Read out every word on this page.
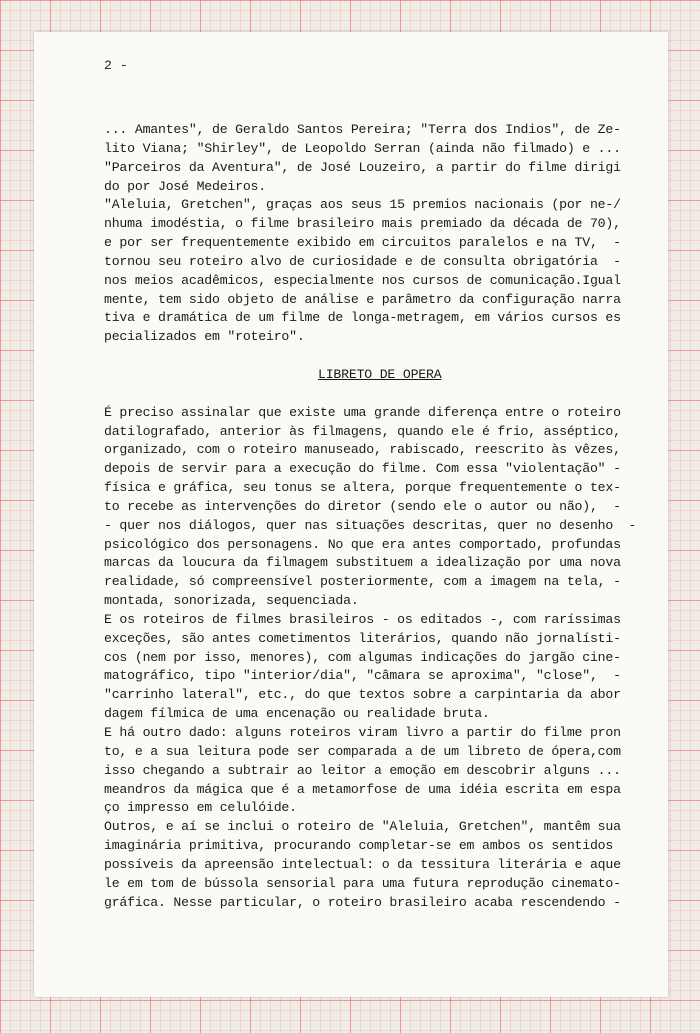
2 -
... Amantes", de Geraldo Santos Pereira; "Terra dos Indios", de Ze-
lito Viana; "Shirley", de Leopoldo Serran (ainda não filmado) e ...
"Parceiros da Aventura", de José Louzeiro, a partir do filme dirigi
do por José Medeiros.
"Aleluia, Gretchen", graças aos seus 15 premios nacionais (por ne-/
nhuma imodéstia, o filme brasileiro mais premiado da década de 70),
e por ser frequentemente exibido em circuitos paralelos e na TV,  -
tornou seu roteiro alvo de curiosidade e de consulta obrigatória  -
nos meios acadêmicos, especialmente nos cursos de comunicação.Igual
mente, tem sido objeto de análise e parâmetro da configuração narra
tiva e dramática de um filme de longa-metragem, em vários cursos es
pecializados em "roteiro".
LIBRETO DE OPERA
É preciso assinalar que existe uma grande diferença entre o roteiro
datilografado, anterior às filmagens, quando ele é frio, asséptico,
organizado, com o roteiro manuseado, rabiscado, reescrito às vêzes,
depois de servir para a execução do filme. Com essa "violentação" -
física e gráfica, seu tonus se altera, porque frequentemente o tex-
to recebe as intervenções do diretor (sendo ele o autor ou não),  -
- quer nos diálogos, quer nas situações descritas, quer no desenho  -
psicológico dos personagens. No que era antes comportado, profundas
marcas da loucura da filmagem substituem a idealização por uma nova
realidade, só compreensível posteriormente, com a imagem na tela, -
montada, sonorizada, sequenciada.
E os roteiros de filmes brasileiros - os editados -, com raríssimas
exceções, são antes cometimentos literários, quando não jornalísti-
cos (nem por isso, menores), com algumas indicações do jargão cine-
matográfico, tipo "interior/dia", "câmara se aproxima", "close",  -
"carrinho lateral", etc., do que textos sobre a carpintaria da abor
dagem fílmica de uma encenação ou realidade bruta.
E há outro dado: alguns roteiros viram livro a partir do filme pron
to, e a sua leitura pode ser comparada a de um libreto de ópera,com
isso chegando a subtrair ao leitor a emoção em descobrir alguns ...
meandros da mágica que é a metamorfose de uma idéia escrita em espa
ço impresso em celulóide.
Outros, e aí se inclui o roteiro de "Aleluia, Gretchen", mantêm sua
imaginária primitiva, procurando completar-se em ambos os sentidos
possíveis da apreensão intelectual: o da tessitura literária e aque
le em tom de bússola sensorial para uma futura reprodução cinemato-
gráfica. Nesse particular, o roteiro brasileiro acaba rescendendo -
